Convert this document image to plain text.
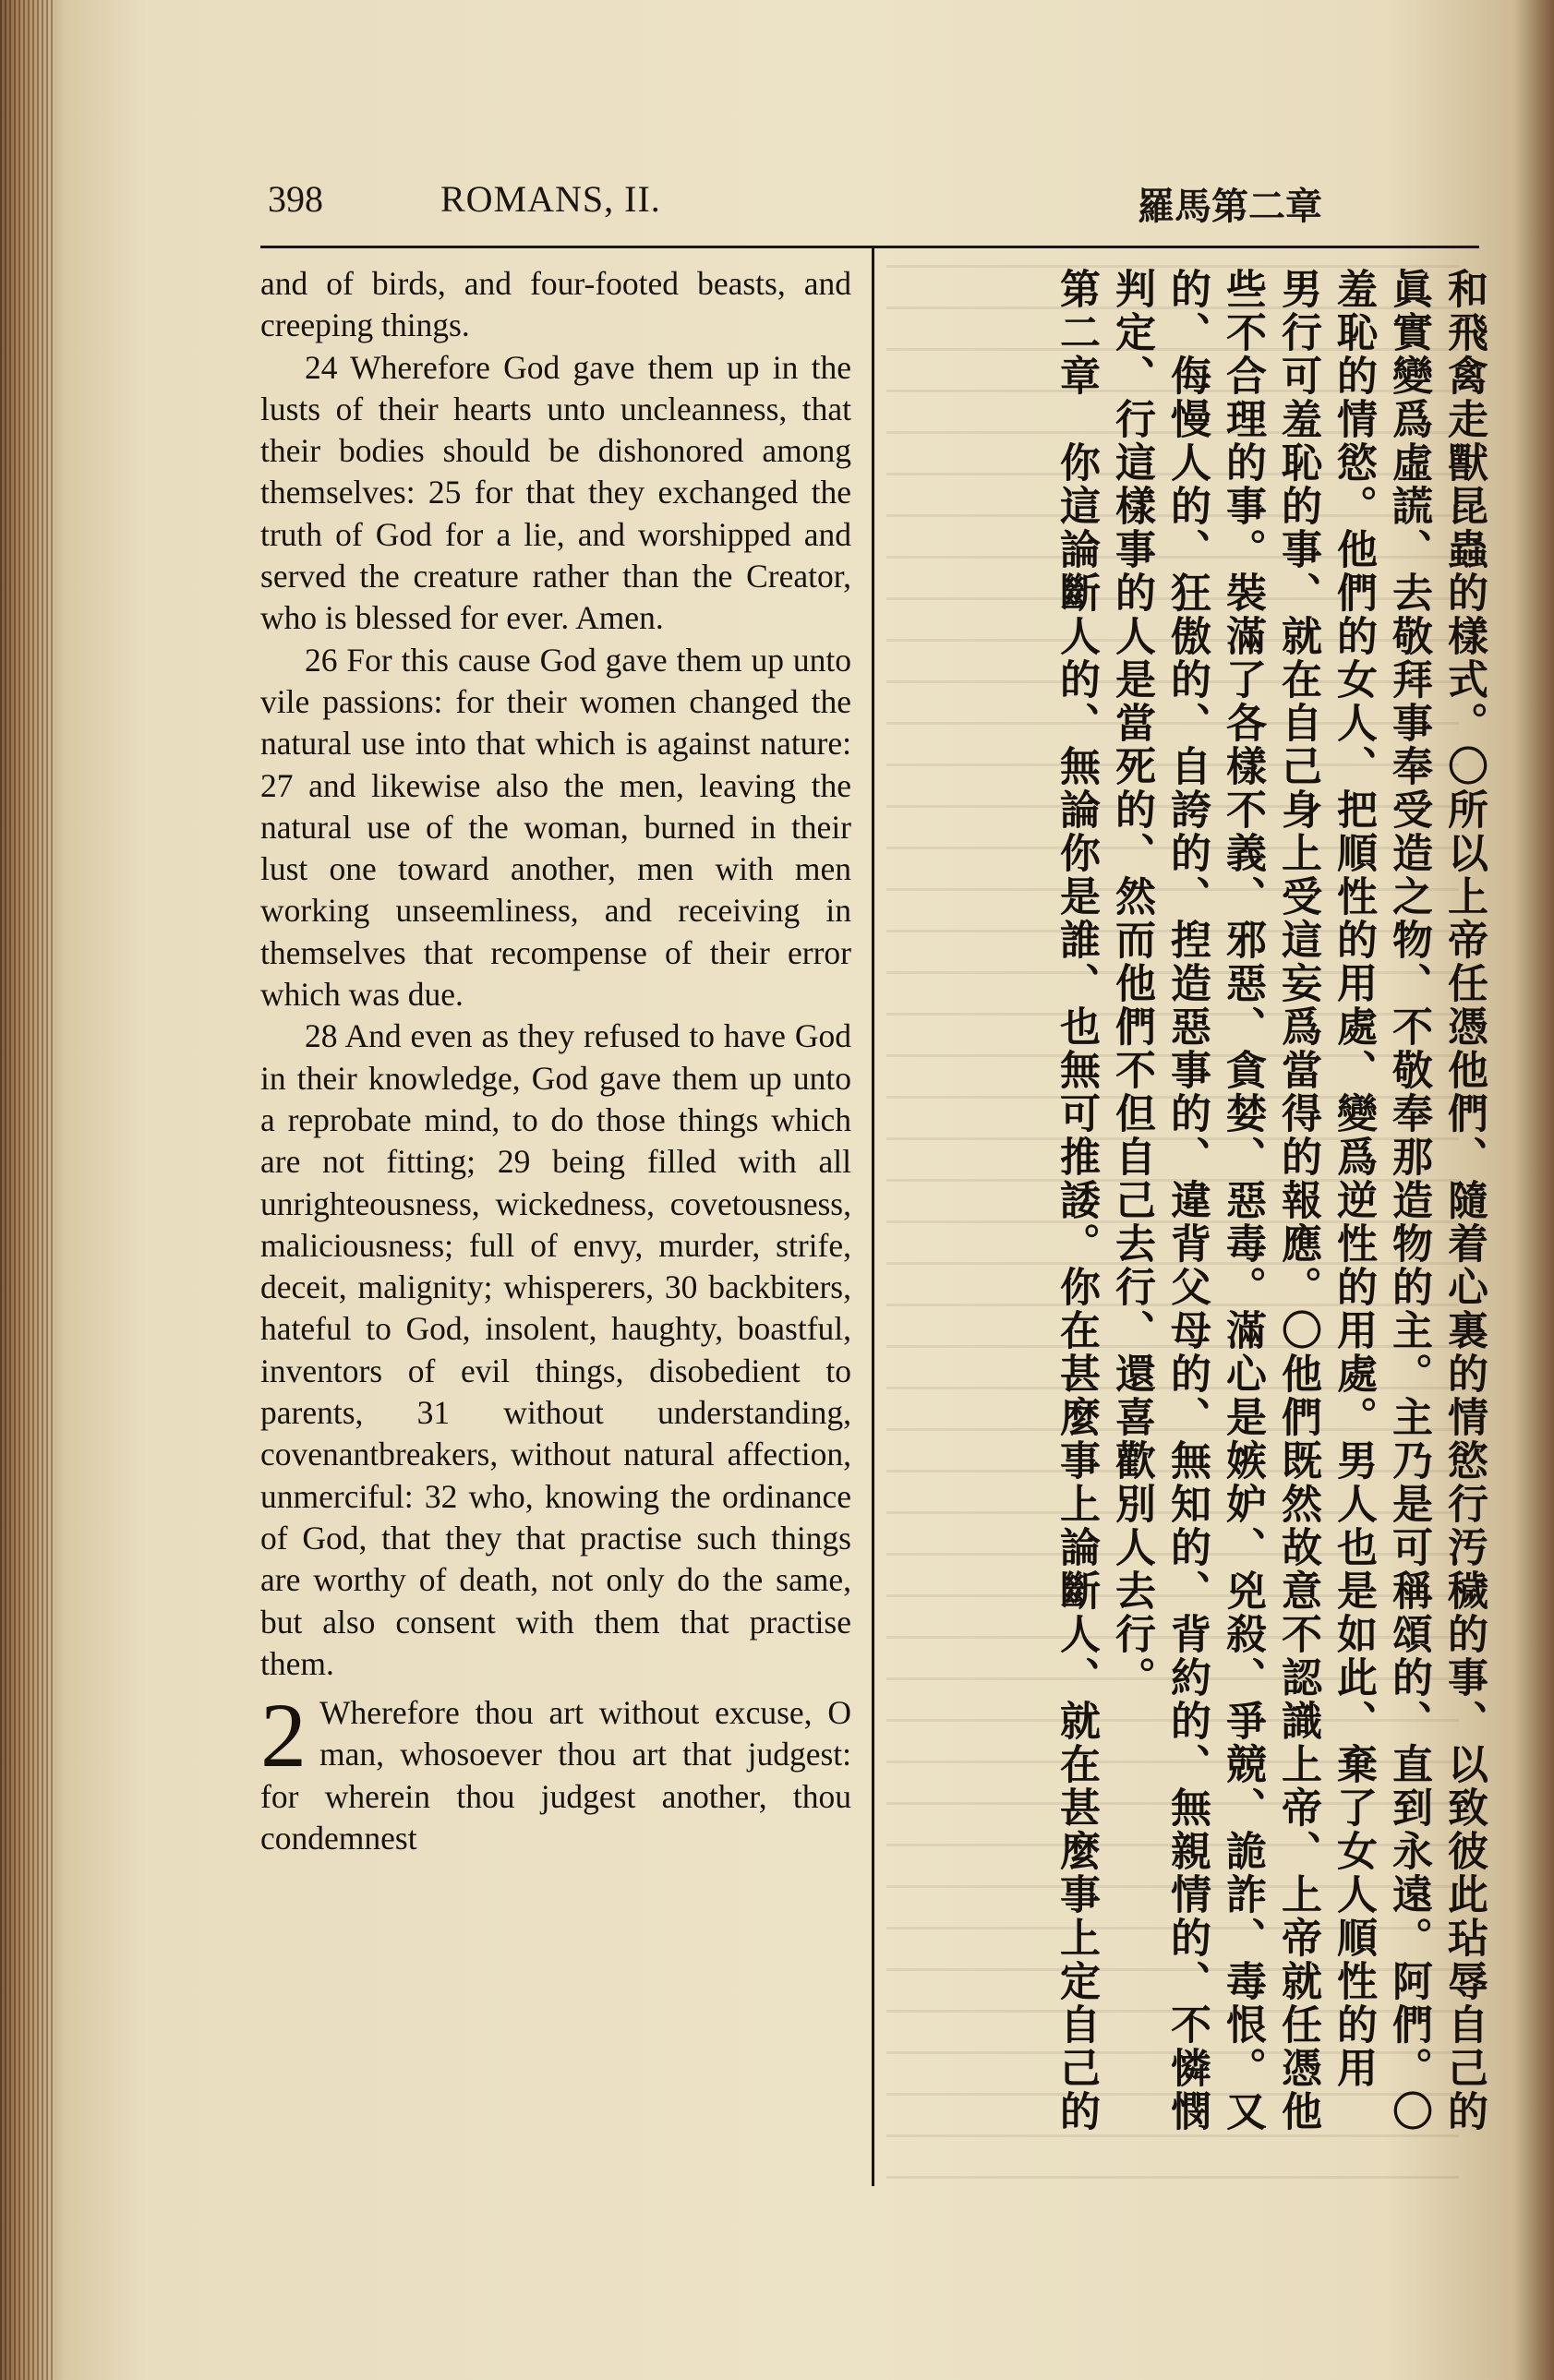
398	ROMANS, II.	羅馬第二章

and of birds, and four-footed beasts, and creeping things.

24 Wherefore God gave them up in the lusts of their hearts unto uncleanness, that their bodies should be dishonored among themselves: 25 for that they exchanged the truth of God for a lie, and worshipped and served the creature rather than the Creator, who is blessed for ever. Amen.

26 For this cause God gave them up unto vile passions: for their women changed the natural use into that which is against nature: 27 and likewise also the men, leaving the natural use of the woman, burned in their lust one toward another, men with men working unseemliness, and receiving in themselves that recompense of their error which was due.

28 And even as they refused to have God in their knowledge, God gave them up unto a reprobate mind, to do those things which are not fitting; 29 being filled with all unrighteousness, wickedness, covetousness, maliciousness; full of envy, murder, strife, deceit, malignity; whisperers, 30 backbiters, hateful to God, insolent, haughty, boastful, inventors of evil things, disobedient to parents, 31 without understanding, covenantbreakers, without natural affection, unmerciful: 32 who, knowing the ordinance of God, that they that practise such things are worthy of death, not only do the same, but also consent with them that practise them.

2 Wherefore thou art without excuse, O man, whosoever thou art that judgest: for wherein thou judgest another, thou condemnest

和飛禽走獸昆蟲的樣式。〇所以上帝任憑他們、隨着心裏的情慾行汚穢的事、以致彼此玷辱自己的
眞實變爲虛謊、去敬拜事奉受造之物、不敬奉那造物的主。主乃是可稱頌的、直到永遠。阿們。〇
羞恥的情慾。他們的女人、把順性的用處、變爲逆性的用處。男人也是如此、棄了女人順性的用
男行可羞恥的事、就在自己身上受這妄爲當得的報應。〇他們既然故意不認識上帝、上帝就任憑他
些不合理的事。裝滿了各樣不義、邪惡、貪婪、惡毒。滿心是嫉妒、兇殺、爭競、詭詐、毒恨。又
的、侮慢人的、狂傲的、自誇的、揑造惡事的、違背父母的、無知的、背約的、無親情的、不憐憫
判定、行這樣事的人是當死的、然而他們不但自己去行、還喜歡別人去行。
第二章　你這論斷人的、無論你是誰、也無可推諉。你在甚麼事上論斷人、就在甚麼事上定自己的
